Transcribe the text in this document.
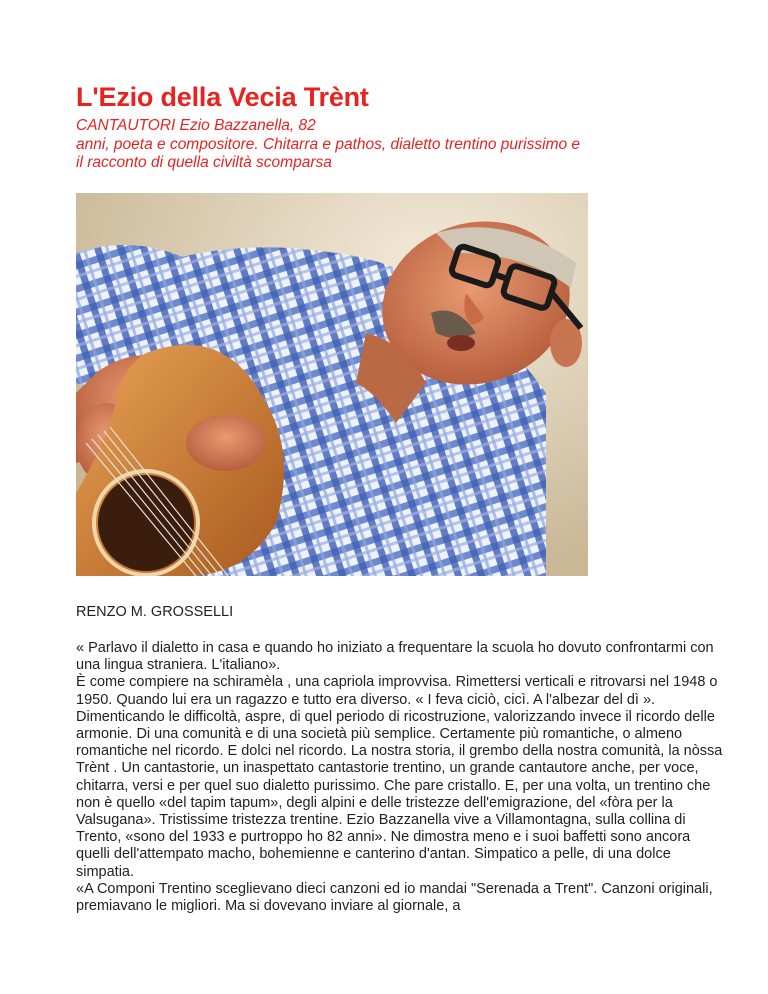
L'Ezio della Vecia Trènt
CANTAUTORI Ezio Bazzanella, 82
anni, poeta e compositore. Chitarra e pathos, dialetto trentino purissimo e
il racconto di quella civiltà scomparsa
RENZO M. GROSSELLI

« Parlavo il dialetto in casa e quando ho iniziato a frequentare la scuola ho dovuto confrontarmi con una lingua straniera. L'italiano».

È come compiere na schiramèla , una capriola improvvisa. Rimettersi verticali e ritrovarsi nel 1948 o 1950. Quando lui era un ragazzo e tutto era diverso. « I feva ciciò, cicì. A l'albezar del dì ». Dimenticando le difficoltà, aspre, di quel periodo di ricostruzione, valorizzando invece il ricordo delle armonie. Di una comunità e di una società più semplice. Certamente più romantiche, o almeno romantiche nel ricordo. E dolci nel ricordo. La nostra storia, il grembo della nostra comunità, la nòssa Trènt . Un cantastorie, un inaspettato cantastorie trentino, un grande cantautore anche, per voce, chitarra, versi e per quel suo dialetto purissimo. Che pare cristallo. E, per una volta, un trentino che non è quello «del tapim tapum», degli alpini e delle tristezze dell'emigrazione, del «fòra per la Valsugana». Tristissime tristezza trentine. Ezio Bazzanella vive a Villamontagna, sulla collina di Trento, «sono del 1933 e purtroppo ho 82 anni». Ne dimostra meno e i suoi baffetti sono ancora quelli dell'attempato macho, bohemienne e canterino d'antan. Simpatico a pelle, di una dolce simpatia.

«A Componi Trentino sceglievano dieci canzoni ed io mandai "Serenada a Trent". Canzoni originali, premiavano le migliori. Ma si dovevano inviare al giornale, a
